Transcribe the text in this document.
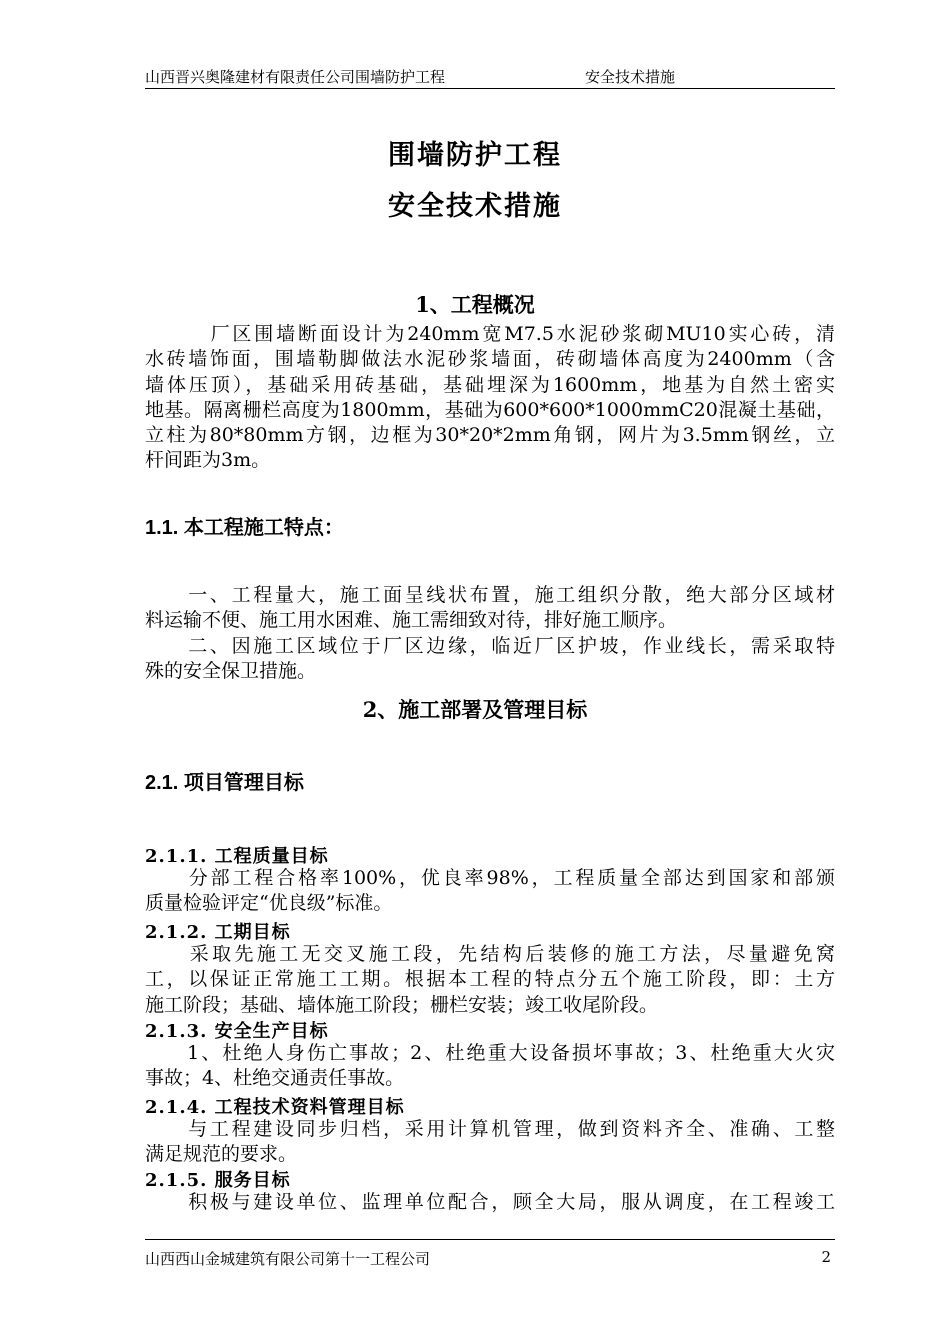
山西晋兴奥隆建材有限责任公司围墙防护工程	安全技术措施
围墙防护工程
安全技术措施
1、工程概况
　　　厂区围墙断面设计为240mm宽M7.5水泥砂浆砌MU10实心砖，清
水砖墙饰面，围墙勒脚做法水泥砂浆墙面，砖砌墙体高度为2400mm（含
墙体压顶），基础采用砖基础，基础埋深为1600mm，地基为自然土密实
地基。隔离栅栏高度为1800mm，基础为600*600*1000mmC20混凝土基础，
立柱为80*80mm方钢，边框为30*20*2mm角钢，网片为3.5mm钢丝，立
杆间距为3m。
1.1. 本工程施工特点：
　　一、工程量大，施工面呈线状布置，施工组织分散，绝大部分区域材
料运输不便、施工用水困难、施工需细致对待，排好施工顺序。
　　二、因施工区域位于厂区边缘，临近厂区护坡，作业线长，需采取特
殊的安全保卫措施。
2、施工部署及管理目标
2.1. 项目管理目标
2.1.1. 工程质量目标
　　分部工程合格率100%，优良率98%，工程质量全部达到国家和部颁
质量检验评定“优良级”标准。
2.1.2. 工期目标
　　采取先施工无交叉施工段，先结构后装修的施工方法，尽量避免窝
工，以保证正常施工工期。根据本工程的特点分五个施工阶段，即：土方
施工阶段；基础、墙体施工阶段；栅栏安装；竣工收尾阶段。
2.1.3. 安全生产目标
　　1、杜绝人身伤亡事故；2、杜绝重大设备损坏事故；3、杜绝重大火灾
事故；4、杜绝交通责任事故。
2.1.4. 工程技术资料管理目标
　　与工程建设同步归档，采用计算机管理，做到资料齐全、准确、工整
满足规范的要求。
2.1.5. 服务目标
　　积极与建设单位、监理单位配合，顾全大局，服从调度，在工程竣工
山西西山金城建筑有限公司第十一工程公司	2
